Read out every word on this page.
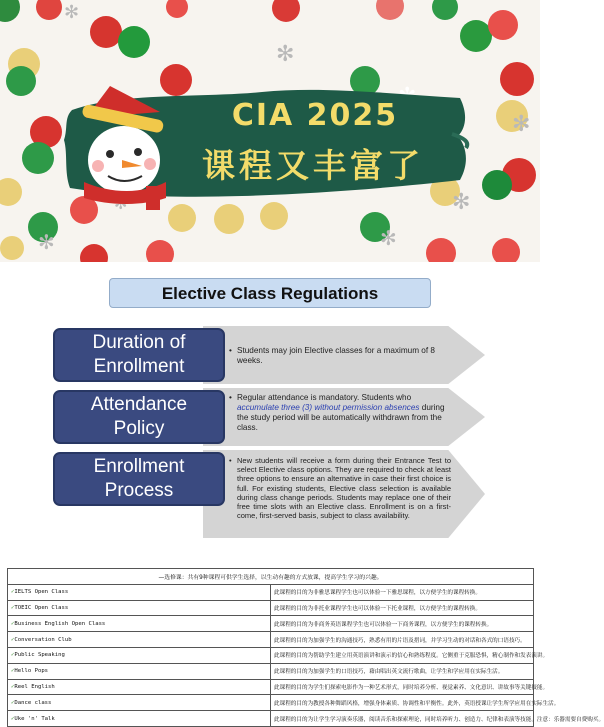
✻
✻
✻
✻
✻
✻
CIA 2025
课程又丰富了
Elective Class Regulations
Duration of
Enrollment
• Students may join Elective classes for a maximum of 8 weeks.
Attendance
Policy
• Regular attendance is mandatory. Students who accumulate three (3) without permission absences during the study period will be automatically withdrawn from the class.
Enrollment
Process
• New students will receive a form during their Entrance Test to select Elective class options. They are required to check at least three options to ensure an alternative in case their first choice is full. For existing students, Elective class selection is available during class change periods. Students may replace one of their free time slots with an Elective class. Enrollment is on a first-come, first-served basis, subject to class availability.
—选修课：共有9种课程可供学生选择，以生动有趣的方式放课，提高学生学习的兴趣。	
✓IELTS Open Class	此课程的目的为非雅思课程学生也可以体验一下雅思课程，以方便学生的课程转换。
✓TOEIC Open Class	此课程的目的为非托业课程学生也可以体验一下托业课程，以方便学生的课程转换。
✓Business English Open Class	此课程的目的为非商务英语课程学生也可以体验一下商务课程，以方便学生的课程转换。
✓Conversation Club	此课程的目的为加强学生的沟通技巧，熟悉有用的片语及措词，并学习生动的对话和各式的口语技巧。
✓Public Speaking	此课程的目的为帮助学生建立用英语演讲和演示的信心和熟练程度。它侧重于克服恐惧，精心制作和发表演讲。
✓Hello Pops	此课程的目的为加强学生的口语技巧，藉由唱出英文流行歌曲，让学生和学应用在实际生活。
✓Reel English	此课程的目的为学生们探索电影作为一种艺术形式，同时培养分析、视觉素养、文化意识、讲故事等关键技能。
✓Dance class	此课程的目的为教授各种舞蹈风格，增强身体素质、协调性和平衡性。此外，英语授课让学生所学应用在实际生活。
✓Uke 'n' Talk	此课程的目的为让学生学习演奏乐器，阅读音乐和探索理论，同时培养听力、创造力、纪律和表演等技能。注意：乐器需要自费购买。
